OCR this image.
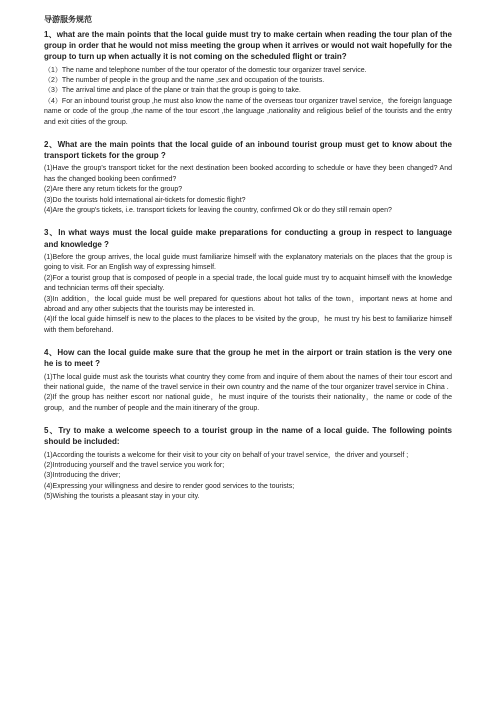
导游服务规范

1、what are the main points that the local guide must try to make certain when reading the tour plan of the group in order that he would not miss meeting the group when it arrives or would not wait hopefully for the group to turn up when actually it is not coming on the scheduled flight or train?

（1）The name and telephone number of the tour operator of the domestic tour organizer travel service.

（2）The number of people in the group and the name ,sex and occupation of the tourists.

（3）The arrival time and place of the plane or train that the group is going to take.

（4）For an inbound tourist group ,he must also know the name of the overseas tour organizer travel service，the foreign language name or code of the group ,the name of the tour escort ,the language ,nationality and religious belief of the tourists and the entry and exit cities of the group.

2、What are the main points that the local guide of an inbound tourist group must get to know about the transport tickets for the group ?

(1)Have the group's transport ticket for the next destination been booked according to schedule or have they been changed? And has the changed booking been confirmed?

(2)Are there any return tickets for the group?

(3)Do the tourists hold international air-tickets for domestic flight?

(4)Are the group's tickets, i.e. transport tickets for leaving the country, confirmed Ok or do they still remain open?

3、In what ways must the local guide make preparations for conducting a group in respect to language and knowledge ?

(1)Before the group arrives, the local guide must familiarize himself with the explanatory materials on the places that the group is going to visit. For an English way of expressing himself.

(2)For a tourist group that is composed of people in a special trade, the local guide must try to acquaint himself with the knowledge and technician terms off their specialty.

(3)In addition，the local guide must be well prepared for questions about hot talks of the town，important news at home and abroad and any other subjects that the tourists may be interested in.

(4)If the local guide himself is new to the places to the places to be visited by the group，he must try his best to familiarize himself with them beforehand.

4、How can the local guide make sure that the group he met in the airport or train station is the very one he is to meet ?

(1)The local guide must ask the tourists what country they come from and inquire of them about the names of their tour escort and their national guide，the name of the travel service in their own country and the name of the tour organizer travel service in China .

(2)If the group has neither escort nor national guide，he must inquire of the tourists their nationality，the name or code of the group，and the number of people and the main itinerary of the group.

5、Try to make a welcome speech to a tourist group in the name of a local guide. The following points should be included:

(1)According the tourists a welcome for their visit to your city on behalf of your travel service，the driver and yourself ;

(2)Introducing yourself and the travel service you work for;

(3)Introducing the driver;

(4)Expressing your willingness and desire to render good services to the tourists;

(5)Wishing the tourists a pleasant stay in your city.
